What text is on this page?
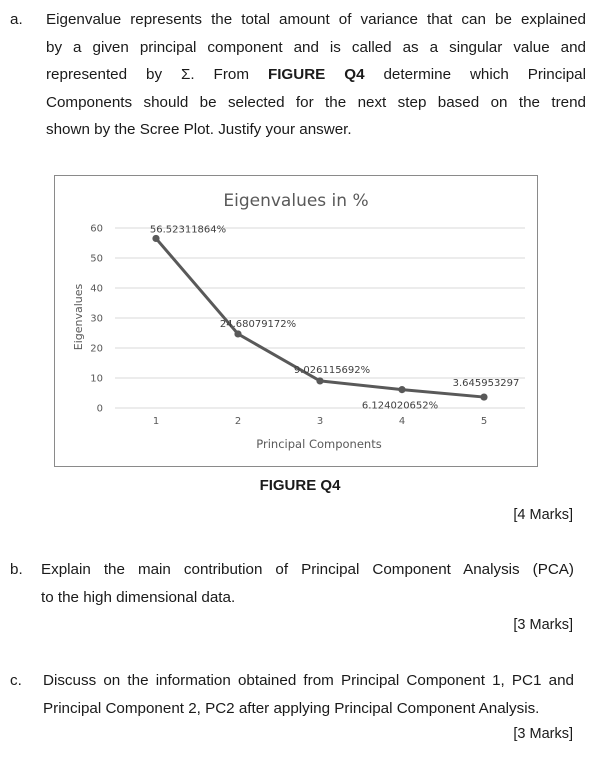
a. Eigenvalue represents the total amount of variance that can be explained
by a given principal component and is called as a singular value and
represented by Σ. From FIGURE Q4 determine which Principal
Components should be selected for the next step based on the trend
shown by the Scree Plot. Justify your answer.
Eigenvalues in %
Eigenvalues
Principal Components
0
10
20
30
40
50
60
1	2	3	4	5
56.52311864%
24.68079172%
9.026115692%
6.124020652%
3.645953297
FIGURE Q4
[4 Marks]
b. Explain the main contribution of Principal Component Analysis (PCA)
to the high dimensional data.
[3 Marks]
c. Discuss on the information obtained from Principal Component 1, PC1 and
Principal Component 2, PC2 after applying Principal Component Analysis.
[3 Marks]
